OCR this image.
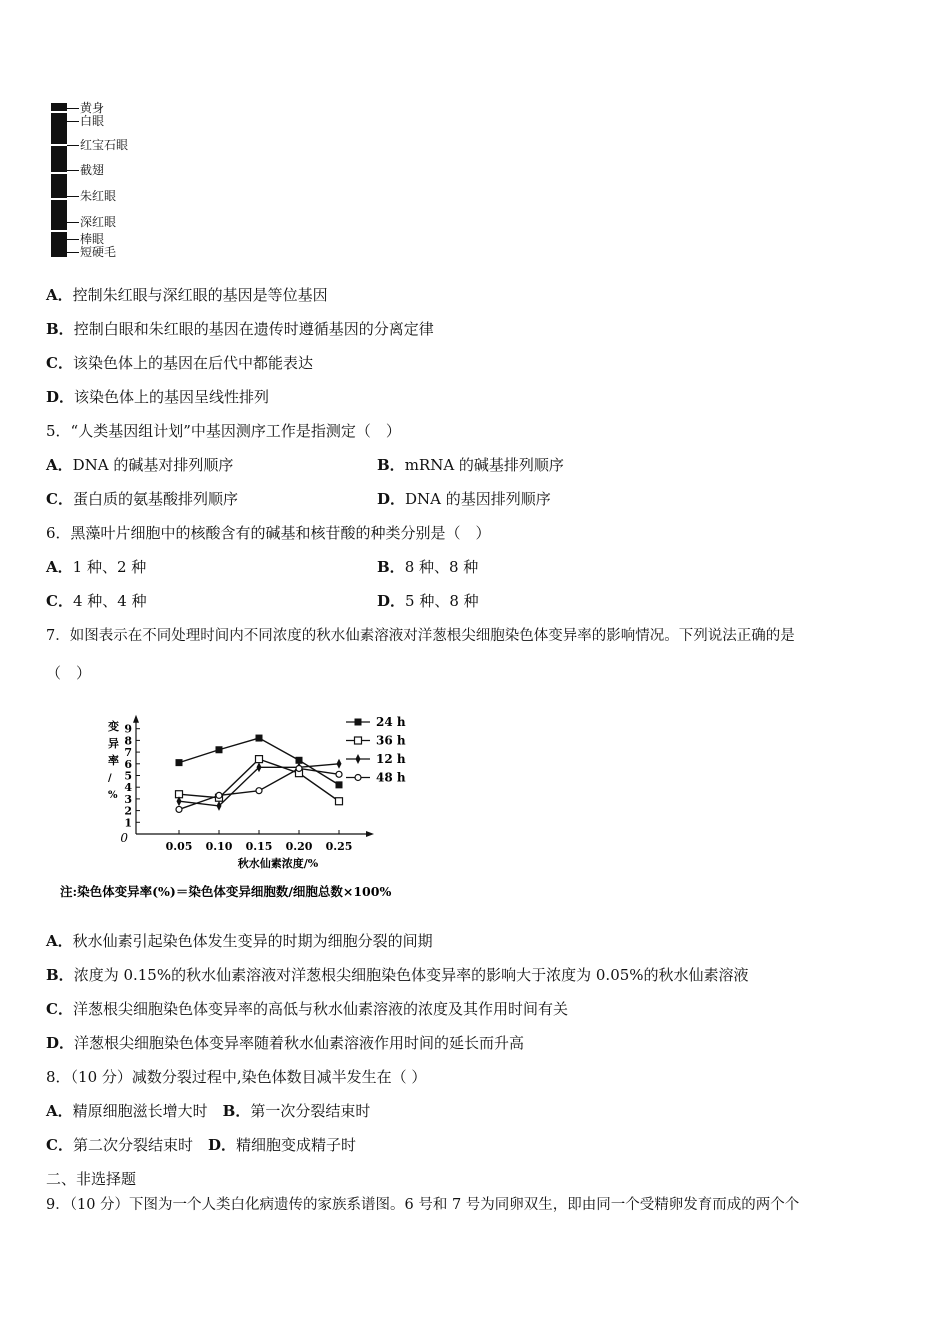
黄身
白眼
红宝石眼
截翅
朱红眼
深红眼
棒眼
短硬毛
A．控制朱红眼与深红眼的基因是等位基因
B．控制白眼和朱红眼的基因在遗传时遵循基因的分离定律
C．该染色体上的基因在后代中都能表达
D．该染色体上的基因呈线性排列
5．“人类基因组计划”中基因测序工作是指测定（　）
A．DNA 的碱基对排列顺序	B．mRNA 的碱基排列顺序
C．蛋白质的氨基酸排列顺序	D．DNA 的基因排列顺序
6．黑藻叶片细胞中的核酸含有的碱基和核苷酸的种类分别是（　）
A．1 种、2 种	B．8 种、8 种
C．4 种、4 种	D．5 种、8 种
7．如图表示在不同处理时间内不同浓度的秋水仙素溶液对洋葱根尖细胞染色体变异率的影响情况。下列说法正确的是
（　）
1
2
3
4
5
6
7
8
9
0
0.05 0.10 0.15 0.20 0.25
秋水仙素浓度/%
变异率/ %
注:染色体变异率(%)＝染色体变异细胞数/细胞总数×100%
24 h
36 h
12 h
48 h
A．秋水仙素引起染色体发生变异的时期为细胞分裂的间期
B．浓度为 0.15%的秋水仙素溶液对洋葱根尖细胞染色体变异率的影响大于浓度为 0.05%的秋水仙素溶液
C．洋葱根尖细胞染色体变异率的高低与秋水仙素溶液的浓度及其作用时间有关
D．洋葱根尖细胞染色体变异率随着秋水仙素溶液作用时间的延长而升高
8．（10 分）减数分裂过程中,染色体数目减半发生在（ ）
A．精原细胞滋长增大时　 B．第一次分裂结束时
C．第二次分裂结束时　 D．精细胞变成精子时
二、非选择题
9．（10 分）下图为一个人类白化病遗传的家族系谱图。6 号和 7 号为同卵双生，即由同一个受精卵发育而成的两个个
